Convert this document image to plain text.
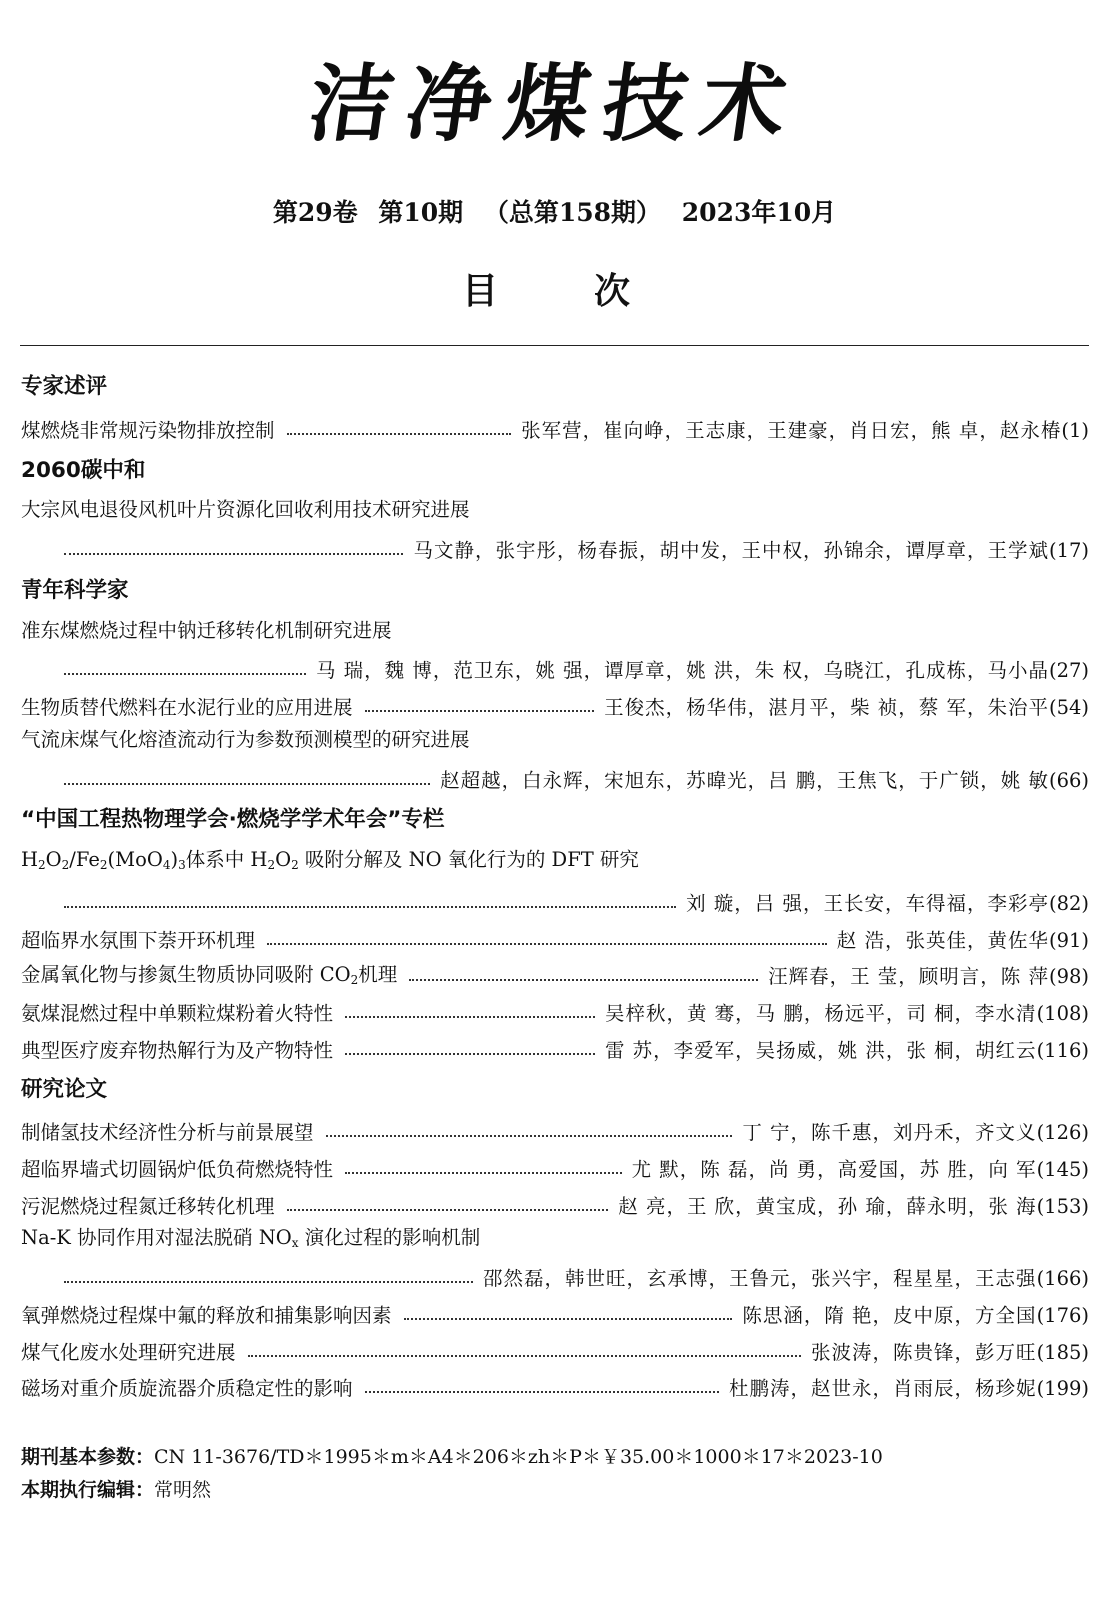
洁净煤技术
第29卷 第10期 （总第158期） 2023年10月
目	次
专家述评
煤燃烧非常规污染物排放控制	张军营，崔向峥，王志康，王建豪，肖日宏，熊 卓，赵永椿 (1)
2060碳中和
大宗风电退役风机叶片资源化回收利用技术研究进展
马文静，张宇彤，杨春振，胡中发，王中权，孙锦余，谭厚章，王学斌 (17)
青年科学家
准东煤燃烧过程中钠迁移转化机制研究进展
马 瑞，魏 博，范卫东，姚 强，谭厚章，姚 洪，朱 权，乌晓江，孔成栋，马小晶 (27)
生物质替代燃料在水泥行业的应用进展	王俊杰，杨华伟，湛月平，柴 祯，蔡 军，朱治平 (54)
气流床煤气化熔渣流动行为参数预测模型的研究进展
赵超越，白永辉，宋旭东，苏暐光，吕 鹏，王焦飞，于广锁，姚 敏 (66)
“中国工程热物理学会·燃烧学学术年会”专栏
$H_2O_2/Fe_2(MoO_4)_3$体系中 $H_2O_2$ 吸附分解及 NO 氧化行为的 DFT 研究
刘 璇，吕 强，王长安，车得福，李彩亭 (82)
超临界水氛围下萘开环机理	赵 浩，张英佳，黄佐华 (91)
金属氧化物与掺氮生物质协同吸附 $CO_2$机理	汪辉春，王 莹，顾明言，陈 萍 (98)
氨煤混燃过程中单颗粒煤粉着火特性	吴梓秋，黄 骞，马 鹏，杨远平，司 桐，李水清 (108)
典型医疗废弃物热解行为及产物特性	雷 苏，李爱军，吴扬威，姚 洪，张 桐，胡红云 (116)
研究论文
制储氢技术经济性分析与前景展望	丁 宁，陈千惠，刘丹禾，齐文义 (126)
超临界墙式切圆锅炉低负荷燃烧特性	尤 默，陈 磊，尚 勇，高爱国，苏 胜，向 军 (145)
污泥燃烧过程氮迁移转化机理	赵 亮，王 欣，黄宝成，孙 瑜，薛永明，张 海 (153)
Na-K 协同作用对湿法脱硝 $NO_x$ 演化过程的影响机制
邵然磊，韩世旺，玄承博，王鲁元，张兴宇，程星星，王志强 (166)
氧弹燃烧过程煤中氟的释放和捕集影响因素	陈思涵，隋 艳，皮中原，方全国 (176)
煤气化废水处理研究进展	张波涛，陈贵锋，彭万旺 (185)
磁场对重介质旋流器介质稳定性的影响	杜鹏涛，赵世永，肖雨辰，杨珍妮 (199)
期刊基本参数：CN 11-3676/TD＊1995＊m＊A4＊206＊zh＊P＊￥35.00＊1000＊17＊2023-10
本期执行编辑：常明然
